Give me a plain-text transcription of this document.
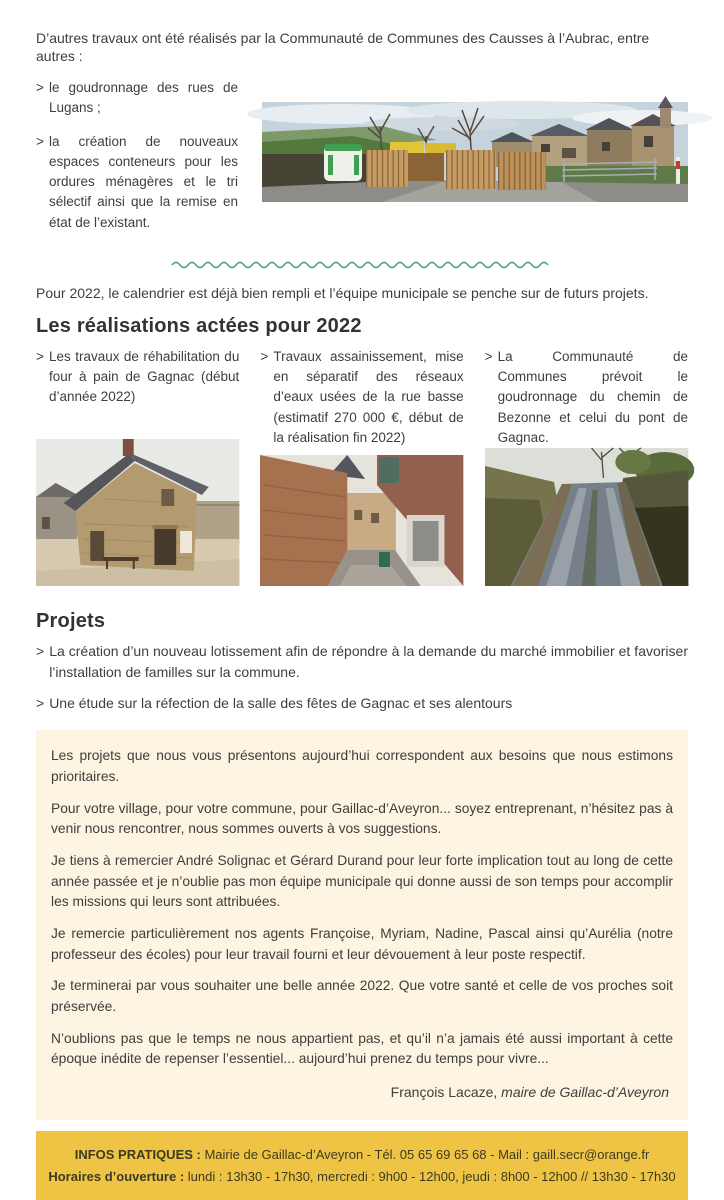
D’autres travaux ont été réalisés par la Communauté de Communes des Causses à l’Aubrac, entre autres :

> le goudronnage des rues de Lugans ;
> la création de nouveaux espaces conteneurs pour les ordures ménagères et le tri sélectif ainsi que la remise en état de l’existant.

Pour 2022, le calendrier est déjà bien rempli et l’équipe municipale se penche sur de futurs projets.

Les réalisations actées pour 2022
> Les travaux de réhabilitation du four à pain de Gagnac (début d’année 2022)
> Travaux assainissement, mise en séparatif des réseaux d’eaux usées de la rue basse (estimatif 270 000 €, début de la réalisation fin 2022)
> La Communauté de Communes prévoit le goudronnage du chemin de Bezonne et celui du pont de Gagnac.
Projets
> La création d’un nouveau lotissement afin de répondre à la demande du marché immobilier et favoriser l’installation de familles sur la commune.
> Une étude sur la réfection de la salle des fêtes de Gagnac et ses alentours

Les projets que nous vous présentons aujourd’hui correspondent aux besoins que nous estimons prioritaires.

Pour votre village, pour votre commune, pour Gaillac-d’Aveyron... soyez entreprenant, n’hésitez pas à venir nous rencontrer, nous sommes ouverts à vos suggestions.

Je tiens à remercier André Solignac et Gérard Durand pour leur forte implication tout au long de cette année passée et je n’oublie pas mon équipe municipale qui donne aussi de son temps pour accomplir les missions qui leurs sont attribuées.

Je remercie particulièrement nos agents Françoise, Myriam, Nadine, Pascal ainsi qu’Aurélia (notre professeur des écoles) pour leur travail fourni et leur dévouement à leur poste respectif.

Je terminerai par vous souhaiter une belle année 2022. Que votre santé et celle de vos proches soit préservée.

N’oublions pas que le temps ne nous appartient pas, et qu’il n’a jamais été aussi important à cette époque inédite de repenser l’essentiel... aujourd’hui prenez du temps pour vivre...

François Lacaze, maire de Gaillac-d’Aveyron
INFOS PRATIQUES : Mairie de Gaillac-d’Aveyron - Tél. 05 65 69 65 68 - Mail : gaill.secr@orange.fr
Horaires d’ouverture : lundi : 13h30 - 17h30, mercredi : 9h00 - 12h00, jeudi : 8h00 - 12h00 // 13h30 - 17h30
